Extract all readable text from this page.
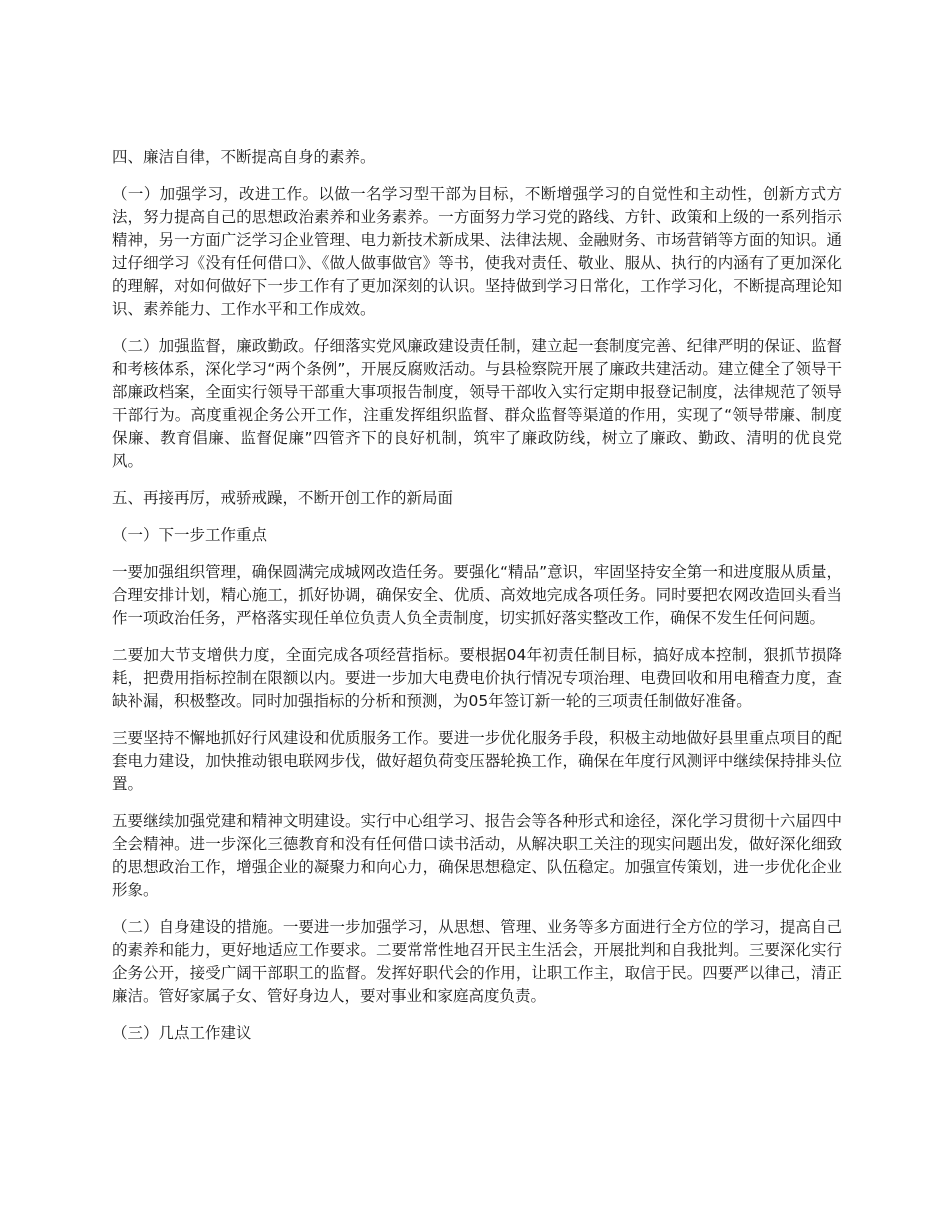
四、廉洁自律，不断提高自身的素养。

（一）加强学习，改进工作。以做一名学习型干部为目标，不断增强学习的自觉性和主动性，创新方式方法，努力提高自己的思想政治素养和业务素养。一方面努力学习党的路线、方针、政策和上级的一系列指示精神，另一方面广泛学习企业管理、电力新技术新成果、法律法规、金融财务、市场营销等方面的知识。通过仔细学习《没有任何借口》、《做人做事做官》等书，使我对责任、敬业、服从、执行的内涵有了更加深化的理解，对如何做好下一步工作有了更加深刻的认识。坚持做到学习日常化，工作学习化，不断提高理论知识、素养能力、工作水平和工作成效。

（二）加强监督，廉政勤政。仔细落实党风廉政建设责任制，建立起一套制度完善、纪律严明的保证、监督和考核体系，深化学习“两个条例”，开展反腐败活动。与县检察院开展了廉政共建活动。建立健全了领导干部廉政档案，全面实行领导干部重大事项报告制度，领导干部收入实行定期申报登记制度，法律规范了领导干部行为。高度重视企务公开工作，注重发挥组织监督、群众监督等渠道的作用，实现了“领导带廉、制度保廉、教育倡廉、监督促廉”四管齐下的良好机制，筑牢了廉政防线，树立了廉政、勤政、清明的优良党风。

五、再接再厉，戒骄戒躁，不断开创工作的新局面

（一）下一步工作重点

一要加强组织管理，确保圆满完成城网改造任务。要强化“精品”意识，牢固坚持安全第一和进度服从质量，合理安排计划，精心施工，抓好协调，确保安全、优质、高效地完成各项任务。同时要把农网改造回头看当作一项政治任务，严格落实现任单位负责人负全责制度，切实抓好落实整改工作，确保不发生任何问题。

二要加大节支增供力度，全面完成各项经营指标。要根据04年初责任制目标，搞好成本控制，狠抓节损降耗，把费用指标控制在限额以内。要进一步加大电费电价执行情况专项治理、电费回收和用电稽查力度，查缺补漏，积极整改。同时加强指标的分析和预测，为05年签订新一轮的三项责任制做好准备。

三要坚持不懈地抓好行风建设和优质服务工作。要进一步优化服务手段，积极主动地做好县里重点项目的配套电力建设，加快推动银电联网步伐，做好超负荷变压器轮换工作，确保在年度行风测评中继续保持排头位置。

五要继续加强党建和精神文明建设。实行中心组学习、报告会等各种形式和途径，深化学习贯彻十六届四中全会精神。进一步深化三德教育和没有任何借口读书活动，从解决职工关注的现实问题出发，做好深化细致的思想政治工作，增强企业的凝聚力和向心力，确保思想稳定、队伍稳定。加强宣传策划，进一步优化企业形象。

（二）自身建设的措施。一要进一步加强学习，从思想、管理、业务等多方面进行全方位的学习，提高自己的素养和能力，更好地适应工作要求。二要常常性地召开民主生活会，开展批判和自我批判。三要深化实行企务公开，接受广阔干部职工的监督。发挥好职代会的作用，让职工作主，取信于民。四要严以律己，清正廉洁。管好家属子女、管好身边人，要对事业和家庭高度负责。

（三）几点工作建议
